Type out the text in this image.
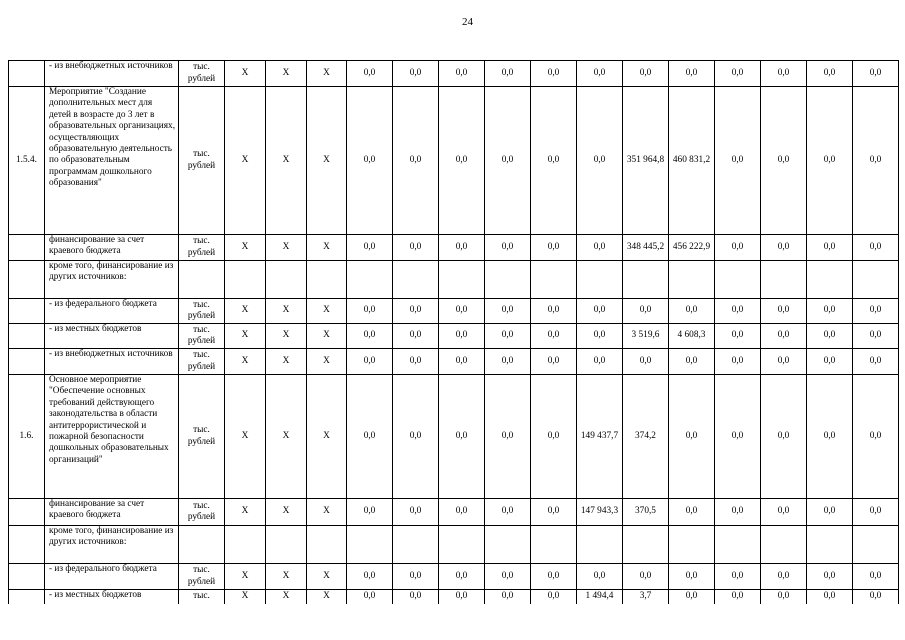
24
	- из внебюджетных источников	тыс. рублей	X	X	X	0,0	0,0	0,0	0,0	0,0	0,0	0,0	0,0	0,0	0,0	0,0	0,0
1.5.4.	Мероприятие "Создание дополнительных мест для детей в возрасте до 3 лет в образовательных организациях, осуществляющих образовательную деятельность по образовательным программам дошкольного образования"	тыс. рублей	X	X	X	0,0	0,0	0,0	0,0	0,0	0,0	351 964,8	460 831,2	0,0	0,0	0,0	0,0
	финансирование за счет краевого бюджета	тыс. рублей	X	X	X	0,0	0,0	0,0	0,0	0,0	0,0	348 445,2	456 222,9	0,0	0,0	0,0	0,0
	кроме того, финансирование из других источников:																
	- из федерального бюджета	тыс. рублей	X	X	X	0,0	0,0	0,0	0,0	0,0	0,0	0,0	0,0	0,0	0,0	0,0	0,0
	- из местных бюджетов	тыс. рублей	X	X	X	0,0	0,0	0,0	0,0	0,0	0,0	3 519,6	4 608,3	0,0	0,0	0,0	0,0
	- из внебюджетных источников	тыс. рублей	X	X	X	0,0	0,0	0,0	0,0	0,0	0,0	0,0	0,0	0,0	0,0	0,0	0,0
1.6.	Основное мероприятие "Обеспечение основных требований действующего законодательства в области антитеррористической и пожарной безопасности дошкольных образовательных организаций"	тыс. рублей	X	X	X	0,0	0,0	0,0	0,0	0,0	149 437,7	374,2	0,0	0,0	0,0	0,0	0,0
	финансирование за счет краевого бюджета	тыс. рублей	X	X	X	0,0	0,0	0,0	0,0	0,0	147 943,3	370,5	0,0	0,0	0,0	0,0	0,0
	кроме того, финансирование из других источников:																
	- из федерального бюджета	тыс. рублей	X	X	X	0,0	0,0	0,0	0,0	0,0	0,0	0,0	0,0	0,0	0,0	0,0	0,0
	- из местных бюджетов	тыс.	X	X	X	0,0	0,0	0,0	0,0	0,0	1 494,4	3,7	0,0	0,0	0,0	0,0	0,0
